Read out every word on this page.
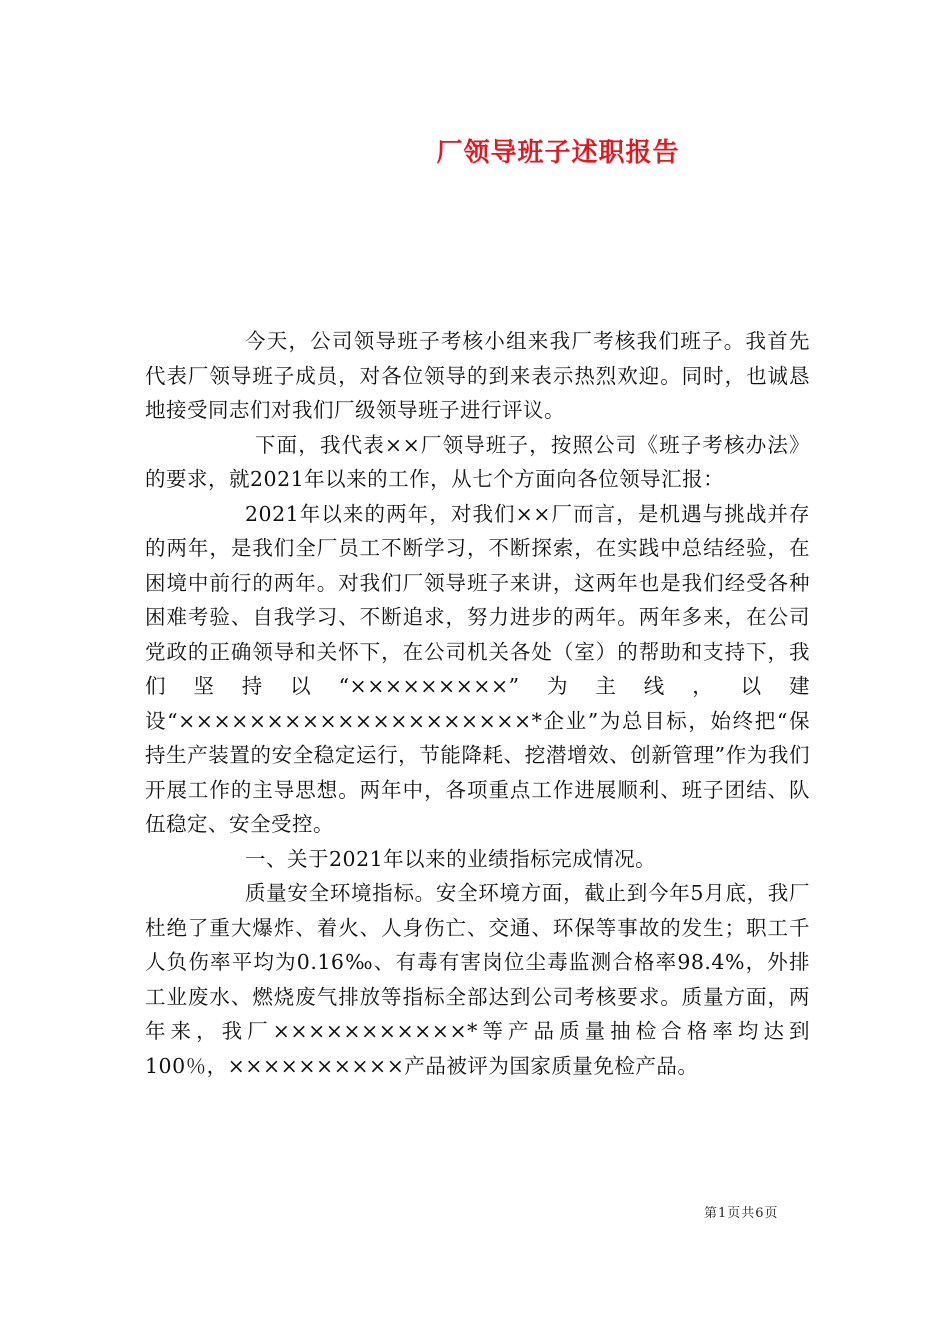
厂领导班子述职报告

今天，公司领导班子考核小组来我厂考核我们班子。我首先代表厂领导班子成员，对各位领导的到来表示热烈欢迎。同时，也诚恳地接受同志们对我们厂级领导班子进行评议。

下面，我代表××厂领导班子，按照公司《班子考核办法》的要求，就2021年以来的工作，从七个方面向各位领导汇报：

2021年以来的两年，对我们××厂而言，是机遇与挑战并存的两年，是我们全厂员工不断学习，不断探索，在实践中总结经验，在困境中前行的两年。对我们厂领导班子来讲，这两年也是我们经受各种困难考验、自我学习、不断追求，努力进步的两年。两年多来，在公司党政的正确领导和关怀下，在公司机关各处（室）的帮助和支持下，我们坚持以“×××××××××”为主线，以建设“××××××××××××××××××××*企业”为总目标，始终把“保持生产装置的安全稳定运行，节能降耗、挖潜增效、创新管理”作为我们开展工作的主导思想。两年中，各项重点工作进展顺利、班子团结、队伍稳定、安全受控。

一、关于2021年以来的业绩指标完成情况。

质量安全环境指标。安全环境方面，截止到今年5月底，我厂杜绝了重大爆炸、着火、人身伤亡、交通、环保等事故的发生；职工千人负伤率平均为0.16‰、有毒有害岗位尘毒监测合格率98.4%，外排工业废水、燃烧废气排放等指标全部达到公司考核要求。质量方面，两年来，我厂×××××××××××*等产品质量抽检合格率均达到100％，××××××××××产品被评为国家质量免检产品。

第1页共6页
